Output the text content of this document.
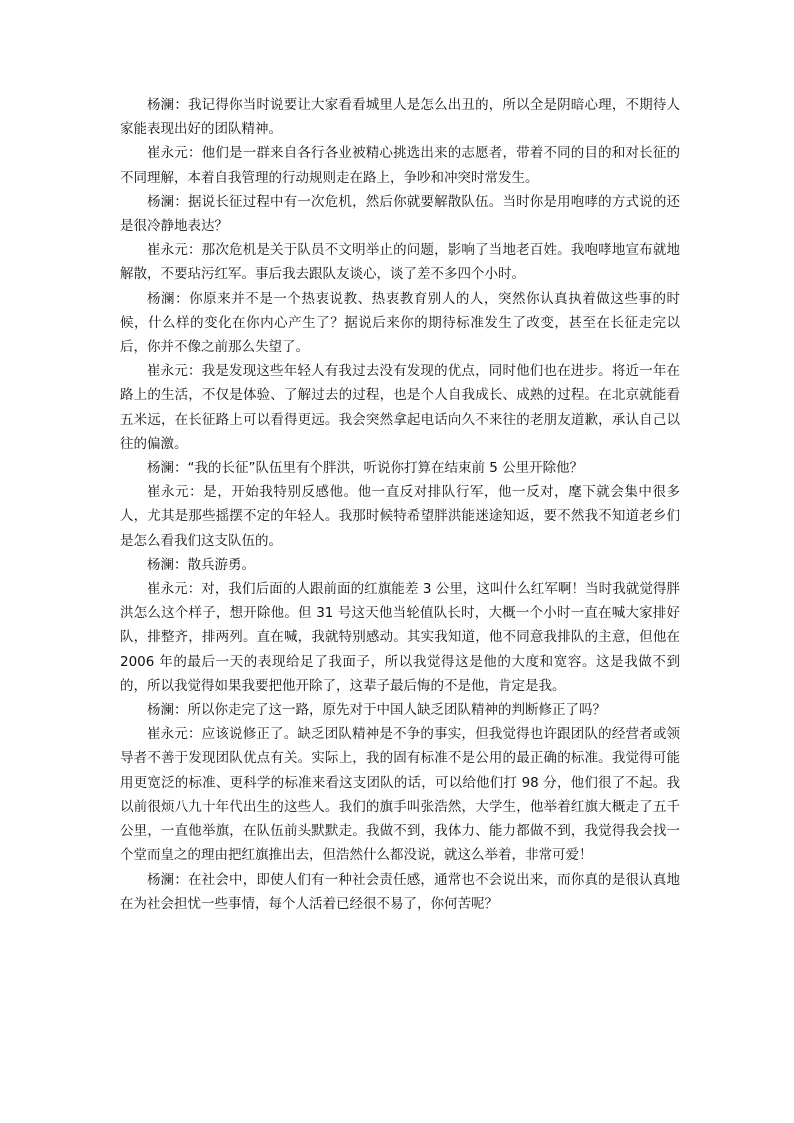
杨澜：我记得你当时说要让大家看看城里人是怎么出丑的，所以全是阴暗心理，不期待人家能表现出好的团队精神。

崔永元：他们是一群来自各行各业被精心挑选出来的志愿者，带着不同的目的和对长征的不同理解，本着自我管理的行动规则走在路上，争吵和冲突时常发生。

杨澜：据说长征过程中有一次危机，然后你就要解散队伍。当时你是用咆哮的方式说的还是很冷静地表达？

崔永元：那次危机是关于队员不文明举止的问题，影响了当地老百姓。我咆哮地宣布就地解散，不要玷污红军。事后我去跟队友谈心，谈了差不多四个小时。

杨澜：你原来并不是一个热衷说教、热衷教育别人的人，突然你认真执着做这些事的时候，什么样的变化在你内心产生了？据说后来你的期待标准发生了改变，甚至在长征走完以后，你并不像之前那么失望了。

崔永元：我是发现这些年轻人有我过去没有发现的优点，同时他们也在进步。将近一年在路上的生活，不仅是体验、了解过去的过程，也是个人自我成长、成熟的过程。在北京就能看五米远，在长征路上可以看得更远。我会突然拿起电话向久不来往的老朋友道歉，承认自己以往的偏激。

杨澜：“我的长征”队伍里有个胖洪，听说你打算在结束前 5 公里开除他？

崔永元：是，开始我特别反感他。他一直反对排队行军，他一反对，麾下就会集中很多人，尤其是那些摇摆不定的年轻人。我那时候特希望胖洪能迷途知返，要不然我不知道老乡们是怎么看我们这支队伍的。

杨澜：散兵游勇。

崔永元：对，我们后面的人跟前面的红旗能差 3 公里，这叫什么红军啊！当时我就觉得胖洪怎么这个样子，想开除他。但 31 号这天他当轮值队长时，大概一个小时一直在喊大家排好队，排整齐，排两列。直在喊，我就特别感动。其实我知道，他不同意我排队的主意，但他在 2006 年的最后一天的表现给足了我面子，所以我觉得这是他的大度和宽容。这是我做不到的，所以我觉得如果我要把他开除了，这辈子最后悔的不是他，肯定是我。

杨澜：所以你走完了这一路，原先对于中国人缺乏团队精神的判断修正了吗？

崔永元：应该说修正了。缺乏团队精神是不争的事实，但我觉得也许跟团队的经营者或领导者不善于发现团队优点有关。实际上，我的固有标准不是公用的最正确的标准。我觉得可能用更宽泛的标准、更科学的标准来看这支团队的话，可以给他们打 98 分，他们很了不起。我以前很烦八九十年代出生的这些人。我们的旗手叫张浩然，大学生，他举着红旗大概走了五千公里，一直他举旗，在队伍前头默默走。我做不到，我体力、能力都做不到，我觉得我会找一个堂而皇之的理由把红旗推出去，但浩然什么都没说，就这么举着，非常可爱！

杨澜：在社会中，即使人们有一种社会责任感，通常也不会说出来，而你真的是很认真地在为社会担忧一些事情，每个人活着已经很不易了，你何苦呢？
